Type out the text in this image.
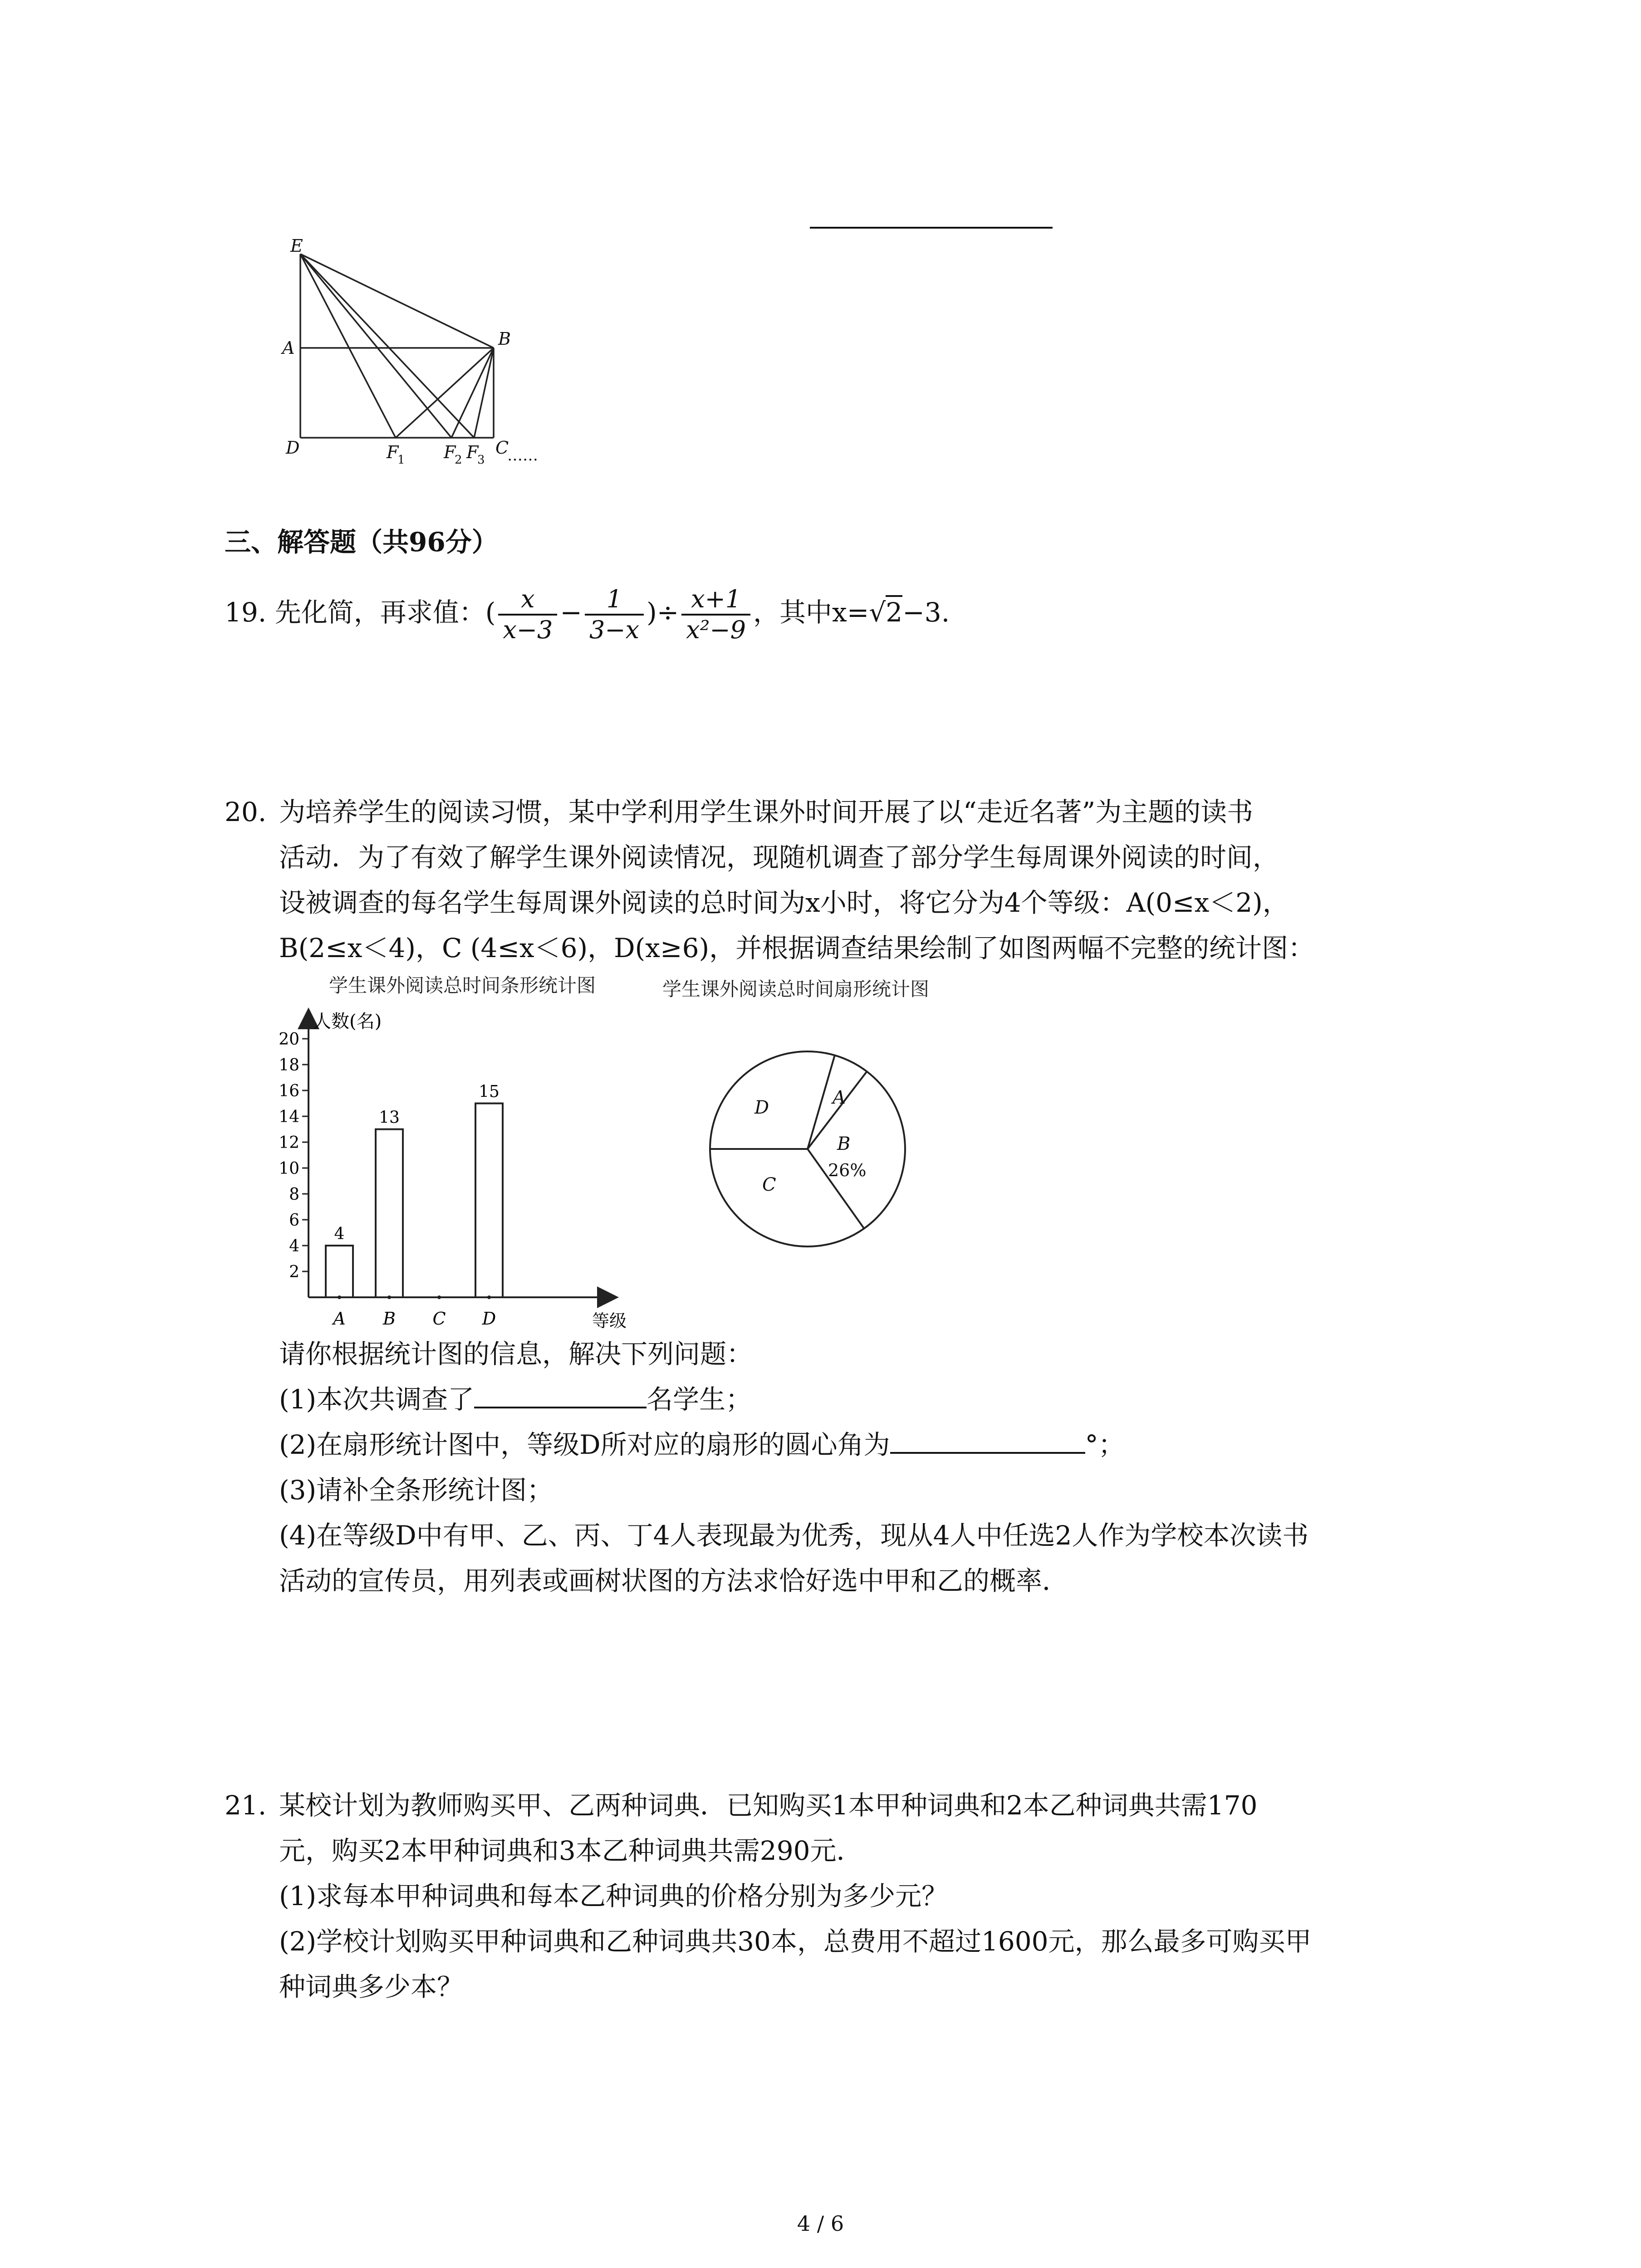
E
A	B
D	F	F F C
1	2 3 ……
三、解答题（共96分）
19. 先化简，再求值：( $\frac{x}{x-3} - \frac{1}{3-x}$ )÷ $\frac{x+1}{\text{x²−9}}$ ，其中x=√2−3.
20. 为培养学生的阅读习惯，某中学利用学生课外时间开展了以“走近名著”为主题的读书
活动．为了有效了解学生课外阅读情况，现随机调查了部分学生每周课外阅读的时间，
设被调查的每名学生每周课外阅读的总时间为x小时，将它分为4个等级：A(0≤x＜2)，
B(2≤x＜4)，C (4≤x＜6)，D(x≥6)，并根据调查结果绘制了如图两幅不完整的统计图：
学生课外阅读总时间条形统计图	学生课外阅读总时间扇形统计图
人数(名)
等级
2
4
6
8
10
12
14
16
18
20
A B C D
4
13
15
D	A
B
C
26%
请你根据统计图的信息，解决下列问题：
(1)本次共调查了	名学生；
(2)在扇形统计图中，等级D所对应的扇形的圆心角为	°；
(3)请补全条形统计图；
(4)在等级D中有甲、乙、丙、丁4人表现最为优秀，现从4人中任选2人作为学校本次读书
活动的宣传员，用列表或画树状图的方法求恰好选中甲和乙的概率．
21. 某校计划为教师购买甲、乙两种词典．已知购买1本甲种词典和2本乙种词典共需170
元，购买2本甲种词典和3本乙种词典共需290元．
(1)求每本甲种词典和每本乙种词典的价格分别为多少元？
(2)学校计划购买甲种词典和乙种词典共30本，总费用不超过1600元，那么最多可购买甲
种词典多少本？
4 / 6
